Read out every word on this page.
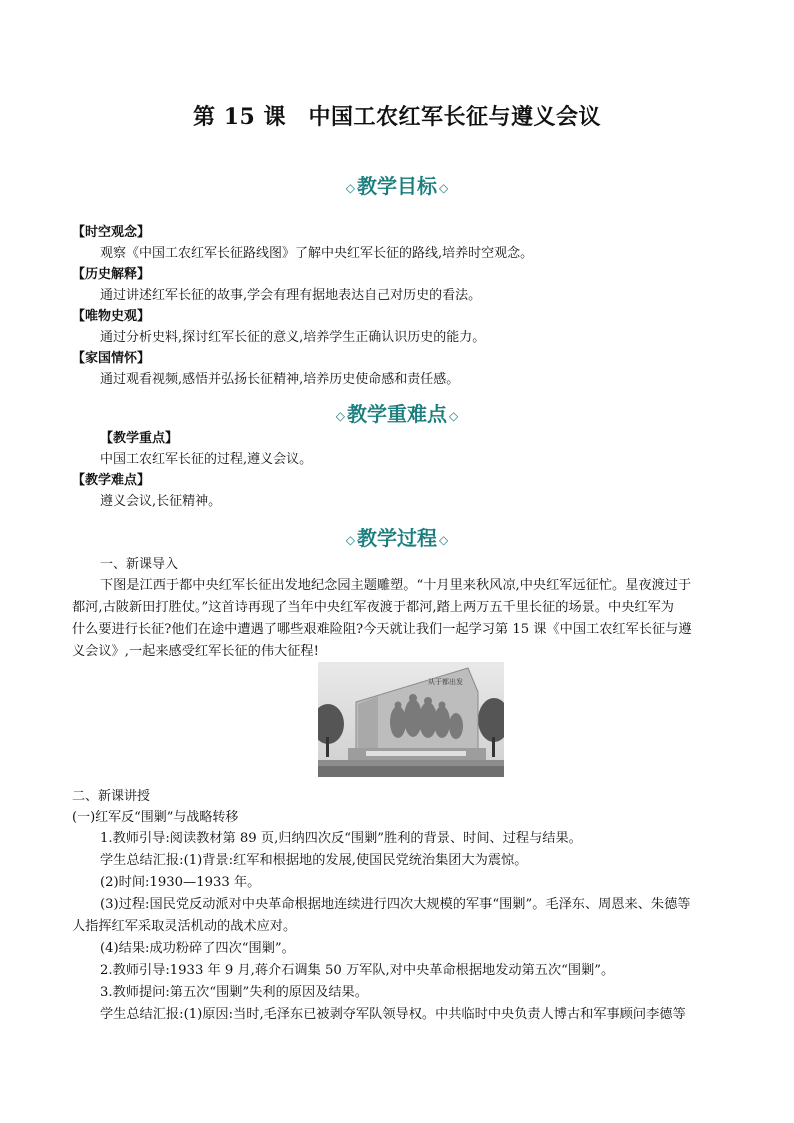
第 15 课　中国工农红军长征与遵义会议
◇ 教学目标 ◇
【时空观念】
观察《中国工农红军长征路线图》了解中央红军长征的路线,培养时空观念。
【历史解释】
通过讲述红军长征的故事,学会有理有据地表达自己对历史的看法。
【唯物史观】
通过分析史料,探讨红军长征的意义,培养学生正确认识历史的能力。
【家国情怀】
通过观看视频,感悟并弘扬长征精神,培养历史使命感和责任感。
◇ 教学重难点 ◇
【教学重点】
中国工农红军长征的过程,遵义会议。
【教学难点】
遵义会议,长征精神。
◇ 教学过程 ◇
一、新课导入
下图是江西于都中央红军长征出发地纪念园主题雕塑。“十月里来秋风凉,中央红军远征忙。星夜渡过于
都河,古陂新田打胜仗。”这首诗再现了当年中央红军夜渡于都河,踏上两万五千里长征的场景。中央红军为
什么要进行长征?他们在途中遭遇了哪些艰难险阻?今天就让我们一起学习第 15 课《中国工农红军长征与遵
义会议》,一起来感受红军长征的伟大征程!
从于都出发
二、新课讲授
(一)红军反“围剿”与战略转移
1.教师引导:阅读教材第 89 页,归纳四次反“围剿”胜利的背景、时间、过程与结果。
学生总结汇报:(1)背景:红军和根据地的发展,使国民党统治集团大为震惊。
(2)时间:1930—1933 年。
(3)过程:国民党反动派对中央革命根据地连续进行四次大规模的军事“围剿”。毛泽东、周恩来、朱德等
人指挥红军采取灵活机动的战术应对。
(4)结果:成功粉碎了四次“围剿”。
2.教师引导:1933 年 9 月,蒋介石调集 50 万军队,对中央革命根据地发动第五次“围剿”。
3.教师提问:第五次“围剿”失利的原因及结果。
学生总结汇报:(1)原因:当时,毛泽东已被剥夺军队领导权。中共临时中央负责人博古和军事顾问李德等
